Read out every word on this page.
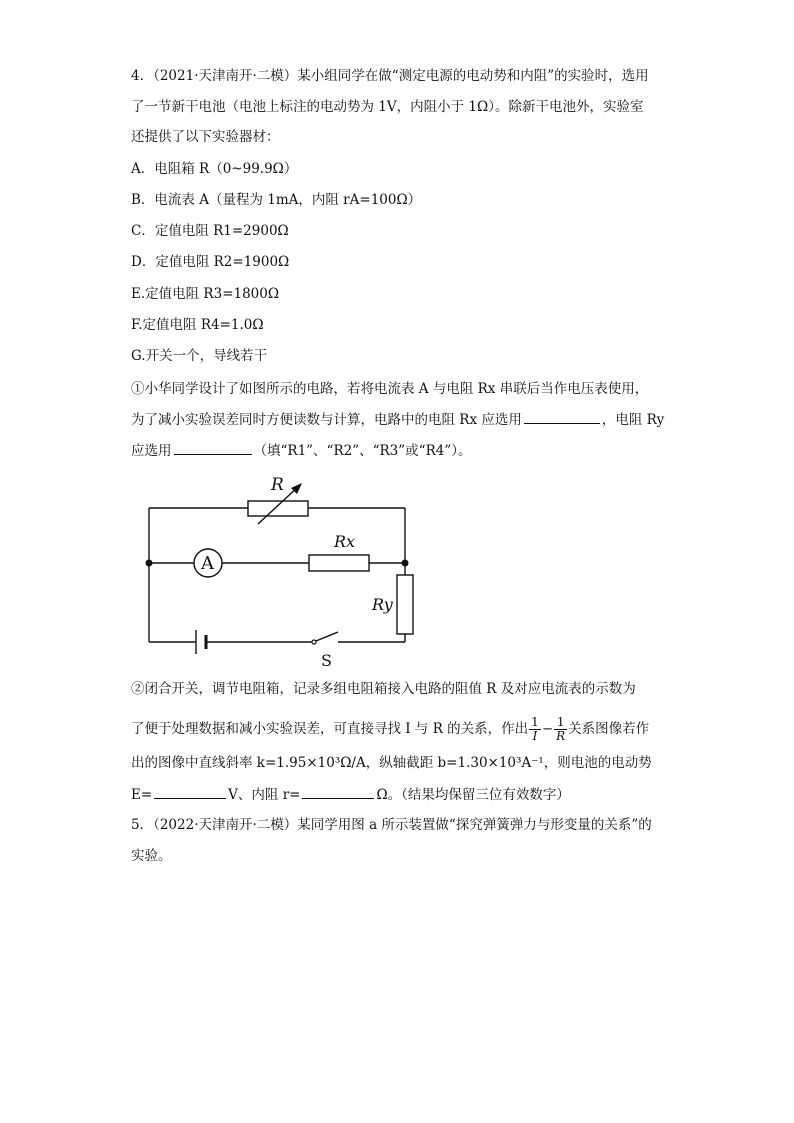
4．（2021·天津南开·二模）某小组同学在做“测定电源的电动势和内阻”的实验时，选用
了一节新干电池（电池上标注的电动势为 1V，内阻小于 1Ω）。除新干电池外，实验室
还提供了以下实验器材：
A．电阻箱 R（0~99.9Ω）
B．电流表 A（量程为 1mA，内阻 rA=100Ω）
C．定值电阻 R1=2900Ω
D．定值电阻 R2=1900Ω
E.定值电阻 R3=1800Ω
F.定值电阻 R4=1.0Ω
G.开关一个，导线若干
①小华同学设计了如图所示的电路，若将电流表 A 与电阻 Rx 串联后当作电压表使用，
为了减小实验误差同时方便读数与计算，电路中的电阻 Rx 应选用	，电阻 Ry
应选用	（填“R1”、“R2”、“R3”或“R4”）。
R
A
Rx
Ry
S
②闭合开关，调节电阻箱，记录多组电阻箱接入电路的阻值 R 及对应电流表的示数为
了便于处理数据和减小实验误差，可直接寻找 I 与 R 的关系，作出 $\frac{1}{I} - \frac{1}{R}$ 关系图像若作
出的图像中直线斜率 k=1.95×10³Ω/A，纵轴截距 b=1.30×10³A⁻¹，则电池的电动势
E=	V、内阻 r=	Ω。（结果均保留三位有效数字）
5．（2022·天津南开·二模）某同学用图 a 所示装置做“探究弹簧弹力与形变量的关系”的
实验。
